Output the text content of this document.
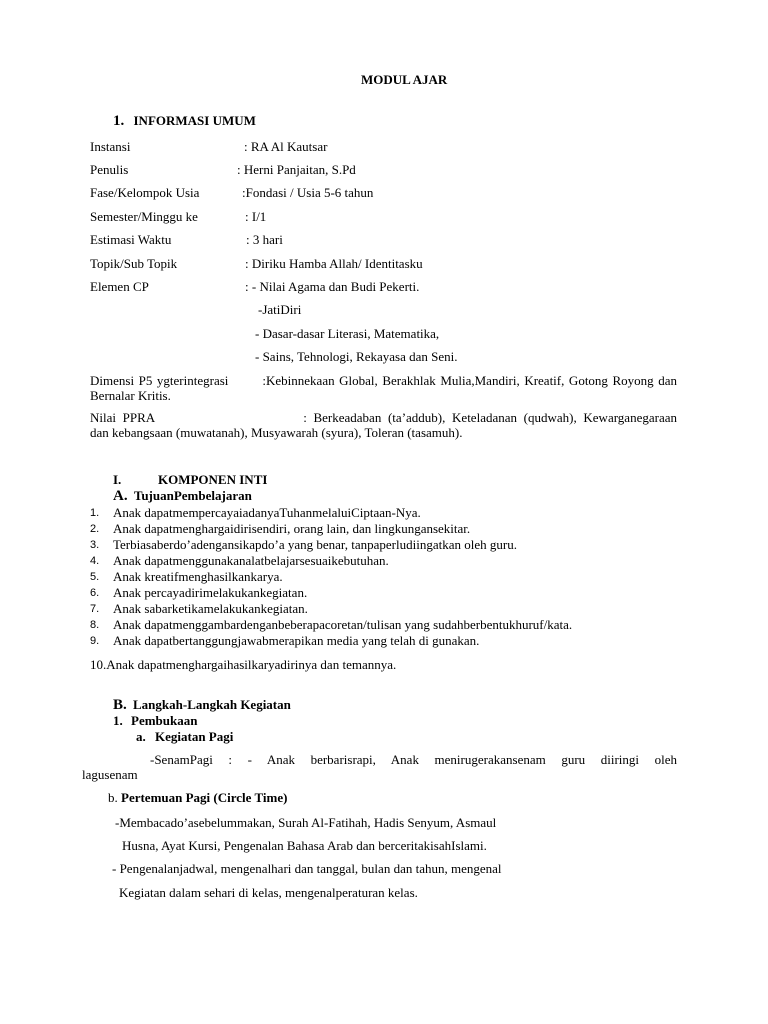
MODUL AJAR
1. INFORMASI UMUM
Instansi	: RA Al Kautsar
Penulis	: Herni Panjaitan, S.Pd
Fase/Kelompok Usia	:Fondasi / Usia 5-6 tahun
Semester/Minggu ke	: I/1
Estimasi Waktu	: 3 hari
Topik/Sub Topik	: Diriku Hamba Allah/ Identitasku
Elemen CP	: - Nilai Agama dan Budi Pekerti.
-JatiDiri
- Dasar-dasar Literasi, Matematika,
- Sains, Tehnologi, Rekayasa dan Seni.
Dimensi P5 ygterintegrasi	:Kebinnekaan Global, Berakhlak Mulia,Mandiri, Kreatif, Gotong Royong dan Bernalar Kritis.
Nilai PPRA	: Berkeadaban (ta’addub), Keteladanan (qudwah), Kewarganegaraan dan kebangsaan (muwatanah), Musyawarah (syura), Toleran (tasamuh).
I.	KOMPONEN INTI
A. TujuanPembelajaran
1. Anak dapatmempercayaiadanyaTuhanmelaluiCiptaan-Nya.
2. Anak dapatmenghargaidirisendiri, orang lain, dan lingkungansekitar.
3. Terbiasaberdo’adengansikapdo’a yang benar, tanpaperludiingatkan oleh guru.
4. Anak dapatmenggunakanalatbelajarsesuaikebutuhan.
5. Anak kreatifmenghasilkankarya.
6. Anak percayadirimelakukankegiatan.
7. Anak sabarketikamelakukankegiatan.
8. Anak dapatmenggambardenganbeberapacoretan/tulisan yang sudahberbentukhuruf/kata.
9. Anak dapatbertanggungjawabmerapikan media yang telah di gunakan.
10.Anak dapatmenghargaihasilkaryadirinya dan temannya.
B. Langkah-Langkah Kegiatan
1. Pembukaan
a. Kegiatan Pagi
-SenamPagi : - Anak berbarisrapi, Anak menirugerakansenam guru diiringi oleh
lagusenam
b. Pertemuan Pagi (Circle Time)
-Membacado’asebelummakan, Surah Al-Fatihah, Hadis Senyum, Asmaul
Husna, Ayat Kursi, Pengenalan Bahasa Arab dan berceritakisahIslami.
- Pengenalanjadwal, mengenalhari dan tanggal, bulan dan tahun, mengenal
Kegiatan dalam sehari di kelas, mengenalperaturan kelas.
